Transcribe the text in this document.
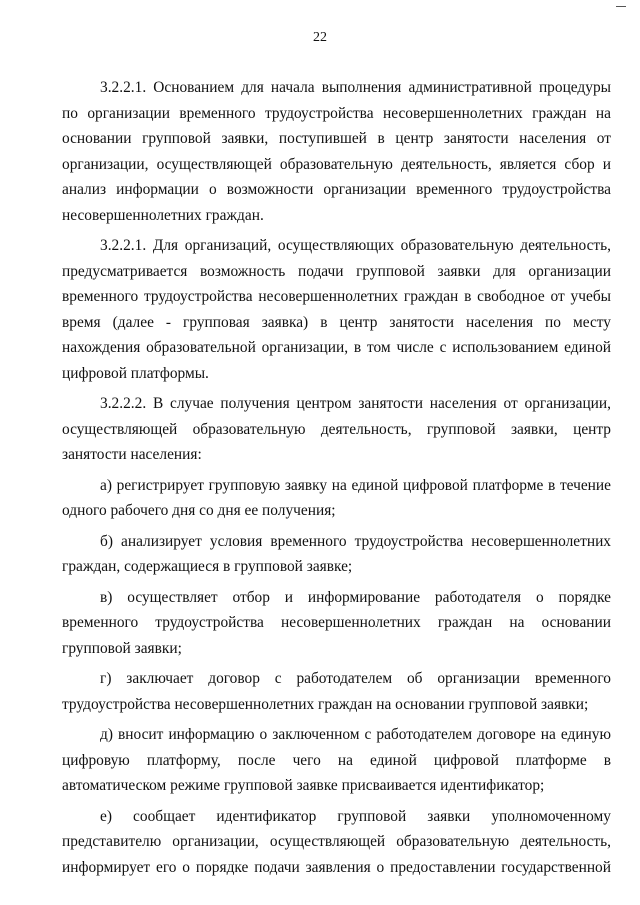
22

3.2.2.1. Основанием для начала выполнения административной процедуры по организации временного трудоустройства несовершеннолетних граждан на основании групповой заявки, поступившей в центр занятости населения от организации, осуществляющей образовательную деятельность, является сбор и анализ информации о возможности организации временного трудоустройства несовершеннолетних граждан.

3.2.2.1. Для организаций, осуществляющих образовательную деятельность, предусматривается возможность подачи групповой заявки для организации временного трудоустройства несовершеннолетних граждан в свободное от учебы время (далее - групповая заявка) в центр занятости населения по месту нахождения образовательной организации, в том числе с использованием единой цифровой платформы.

3.2.2.2. В случае получения центром занятости населения от организации, осуществляющей образовательную деятельность, групповой заявки, центр занятости населения:

а) регистрирует групповую заявку на единой цифровой платформе в течение одного рабочего дня со дня ее получения;

б) анализирует условия временного трудоустройства несовершеннолетних граждан, содержащиеся в групповой заявке;

в) осуществляет отбор и информирование работодателя о порядке временного трудоустройства несовершеннолетних граждан на основании групповой заявки;

г) заключает договор с работодателем об организации временного трудоустройства несовершеннолетних граждан на основании групповой заявки;

д) вносит информацию о заключенном с работодателем договоре на единую цифровую платформу, после чего на единой цифровой платформе в автоматическом режиме групповой заявке присваивается идентификатор;

е) сообщает идентификатор групповой заявки уполномоченному представителю организации, осуществляющей образовательную деятельность, информирует его о порядке подачи заявления о предоставлении государственной
